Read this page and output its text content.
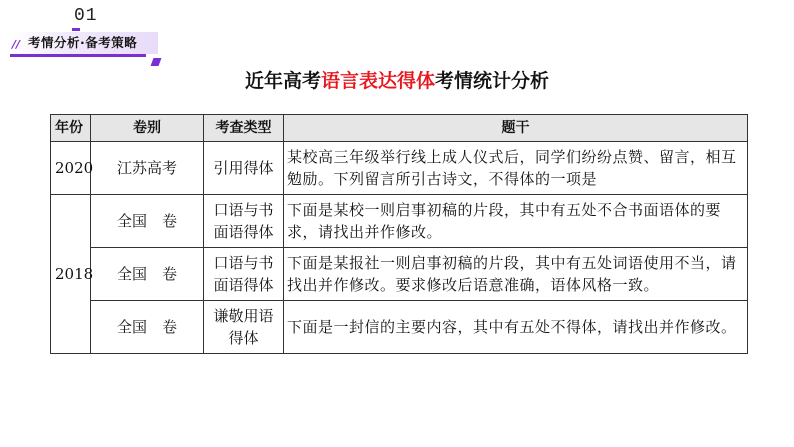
01
// 考情分析·备考策略
近年高考语言表达得体考情统计分析
年份	卷别	考查类型	题干
2020	江苏高考	引用得体	某校高三年级举行线上成人仪式后，同学们纷纷点赞、留言，相互勉励。下列留言所引古诗文，不得体的一项是
2018	全国　卷	口语与书面语得体	下面是某校一则启事初稿的片段，其中有五处不合书面语体的要求，请找出并作修改。
	全国　卷	口语与书面语得体	下面是某报社一则启事初稿的片段，其中有五处词语使用不当，请找出并作修改。要求修改后语意准确，语体风格一致。
	全国　卷	谦敬用语得体	下面是一封信的主要内容，其中有五处不得体，请找出并作修改。
